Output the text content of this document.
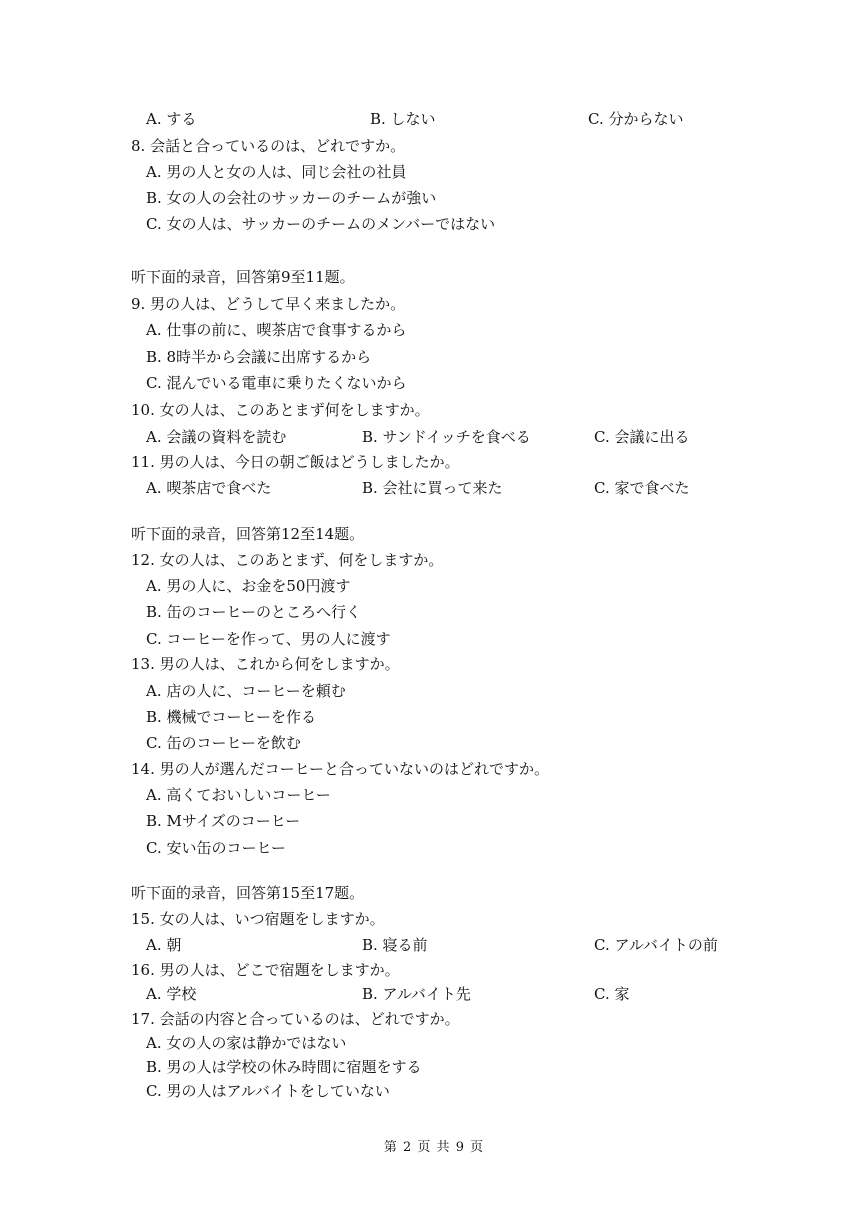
A. する	B. しない	C. 分からない
8. 会話と合っているのは、どれですか。
A. 男の人と女の人は、同じ会社の社員
B. 女の人の会社のサッカーのチームが強い
C. 女の人は、サッカーのチームのメンバーではない
听下面的录音，回答第9至11题。
9. 男の人は、どうして早く来ましたか。
A. 仕事の前に、喫茶店で食事するから
B. 8時半から会議に出席するから
C. 混んでいる電車に乗りたくないから
10. 女の人は、このあとまず何をしますか。
A. 会議の資料を読む	B. サンドイッチを食べる	C. 会議に出る
11. 男の人は、今日の朝ご飯はどうしましたか。
A. 喫茶店で食べた	B. 会社に買って来た	C. 家で食べた
听下面的录音，回答第12至14题。
12. 女の人は、このあとまず、何をしますか。
A. 男の人に、お金を50円渡す
B. 缶のコーヒーのところへ行く
C. コーヒーを作って、男の人に渡す
13. 男の人は、これから何をしますか。
A. 店の人に、コーヒーを頼む
B. 機械でコーヒーを作る
C. 缶のコーヒーを飲む
14. 男の人が選んだコーヒーと合っていないのはどれですか。
A. 高くておいしいコーヒー
B. Mサイズのコーヒー
C. 安い缶のコーヒー
听下面的录音，回答第15至17题。
15. 女の人は、いつ宿題をしますか。
A. 朝	B. 寝る前	C. アルバイトの前
16. 男の人は、どこで宿題をしますか。
A. 学校	B. アルバイト先	C. 家
17. 会話の内容と合っているのは、どれですか。
A. 女の人の家は静かではない
B. 男の人は学校の休み時間に宿題をする
C. 男の人はアルバイトをしていない
第 2 页 共 9 页
